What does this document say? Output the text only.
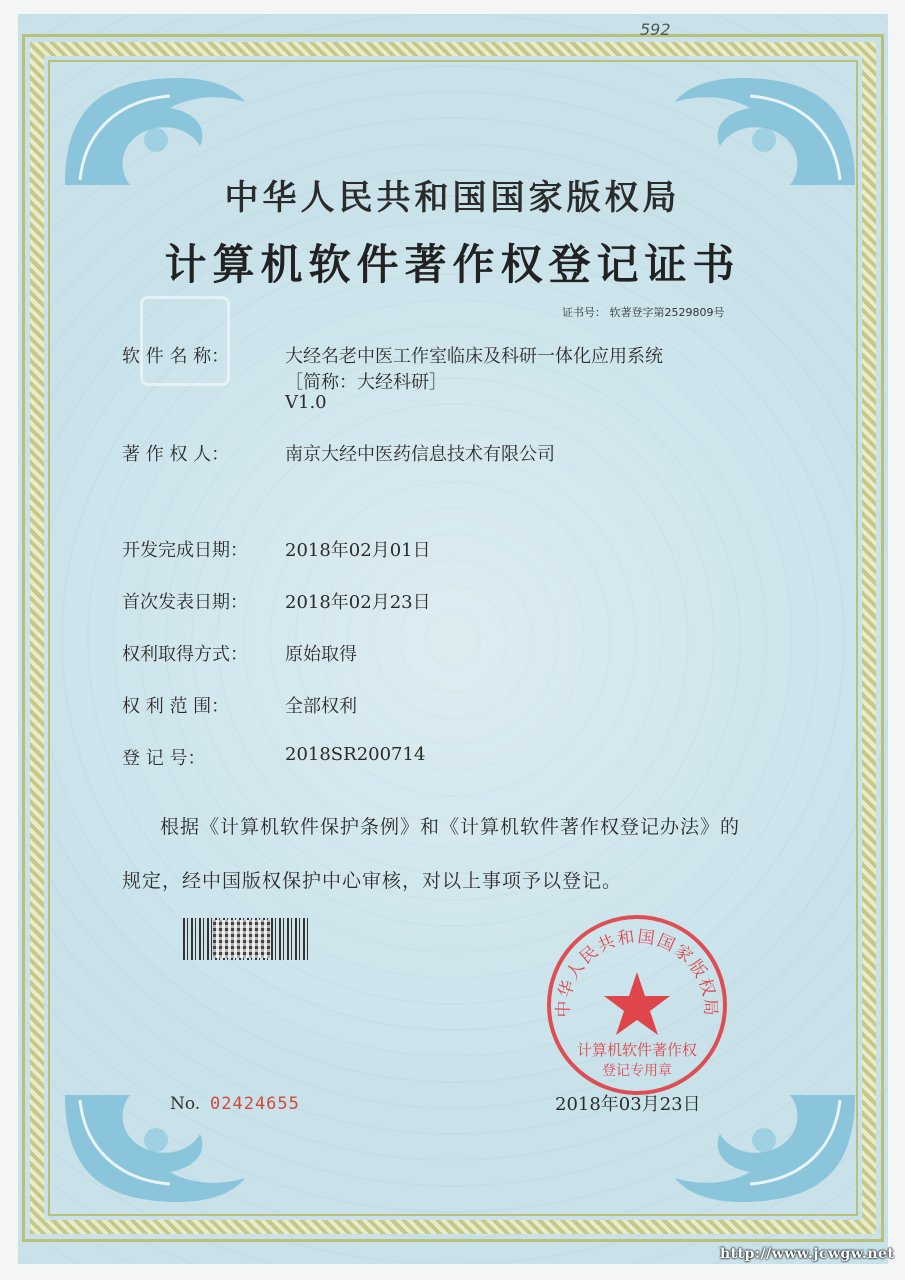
592
中华人民共和国国家版权局
计算机软件著作权登记证书
证书号： 软著登字第2529809号
软 件 名 称：	大经名老中医工作室临床及科研一体化应用系统
［简称：大经科研］
V1.0
著 作 权 人：	南京大经中医药信息技术有限公司
开发完成日期： 2018年02月01日
首次发表日期： 2018年02月23日
权利取得方式： 原始取得
权 利 范 围：	全部权利
登 记 号：	2018SR200714
根据《计算机软件保护条例》和《计算机软件著作权登记办法》的
规定，经中国版权保护中心审核，对以上事项予以登记。
No. 02424655	2018年03月23日
中华人民共和国国家版权局
计算机软件著作权
登记专用章
http://www.jcwgw.net
